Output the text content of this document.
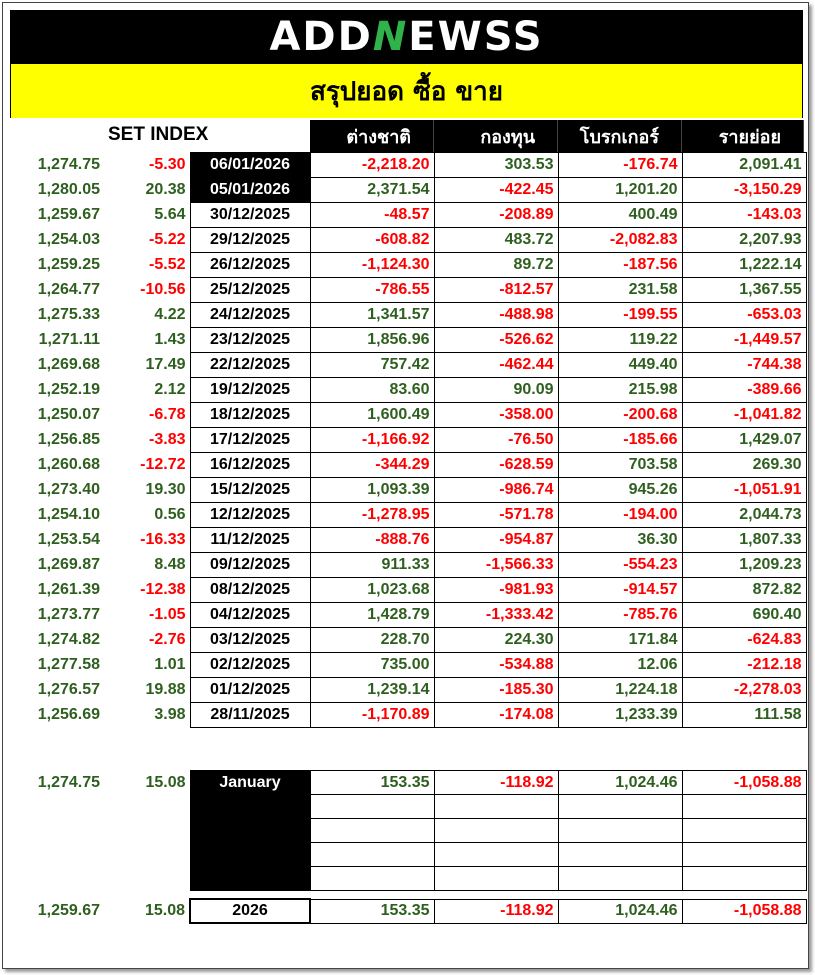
ADDNEWSS
สรุปยอด ซื้อ ขาย
SET INDEX	ต่างชาติ	กองทุน	โบรกเกอร์	รายย่อย
1,274.75	-5.30	06/01/2026	-2,218.20	303.53	-176.74	2,091.41
1,280.05	20.38	05/01/2026	2,371.54	-422.45	1,201.20	-3,150.29
1,259.67	5.64	30/12/2025	-48.57	-208.89	400.49	-143.03
1,254.03	-5.22	29/12/2025	-608.82	483.72	-2,082.83	2,207.93
1,259.25	-5.52	26/12/2025	-1,124.30	89.72	-187.56	1,222.14
1,264.77	-10.56	25/12/2025	-786.55	-812.57	231.58	1,367.55
1,275.33	4.22	24/12/2025	1,341.57	-488.98	-199.55	-653.03
1,271.11	1.43	23/12/2025	1,856.96	-526.62	119.22	-1,449.57
1,269.68	17.49	22/12/2025	757.42	-462.44	449.40	-744.38
1,252.19	2.12	19/12/2025	83.60	90.09	215.98	-389.66
1,250.07	-6.78	18/12/2025	1,600.49	-358.00	-200.68	-1,041.82
1,256.85	-3.83	17/12/2025	-1,166.92	-76.50	-185.66	1,429.07
1,260.68	-12.72	16/12/2025	-344.29	-628.59	703.58	269.30
1,273.40	19.30	15/12/2025	1,093.39	-986.74	945.26	-1,051.91
1,254.10	0.56	12/12/2025	-1,278.95	-571.78	-194.00	2,044.73
1,253.54	-16.33	11/12/2025	-888.76	-954.87	36.30	1,807.33
1,269.87	8.48	09/12/2025	911.33	-1,566.33	-554.23	1,209.23
1,261.39	-12.38	08/12/2025	1,023.68	-981.93	-914.57	872.82
1,273.77	-1.05	04/12/2025	1,428.79	-1,333.42	-785.76	690.40
1,274.82	-2.76	03/12/2025	228.70	224.30	171.84	-624.83
1,277.58	1.01	02/12/2025	735.00	-534.88	12.06	-212.18
1,276.57	19.88	01/12/2025	1,239.14	-185.30	1,224.18	-2,278.03
1,256.69	3.98	28/11/2025	-1,170.89	-174.08	1,233.39	111.58
1,274.75	15.08	January	153.35	-118.92	1,024.46	-1,058.88

1,259.67	15.08	2026	153.35	-118.92	1,024.46	-1,058.88
